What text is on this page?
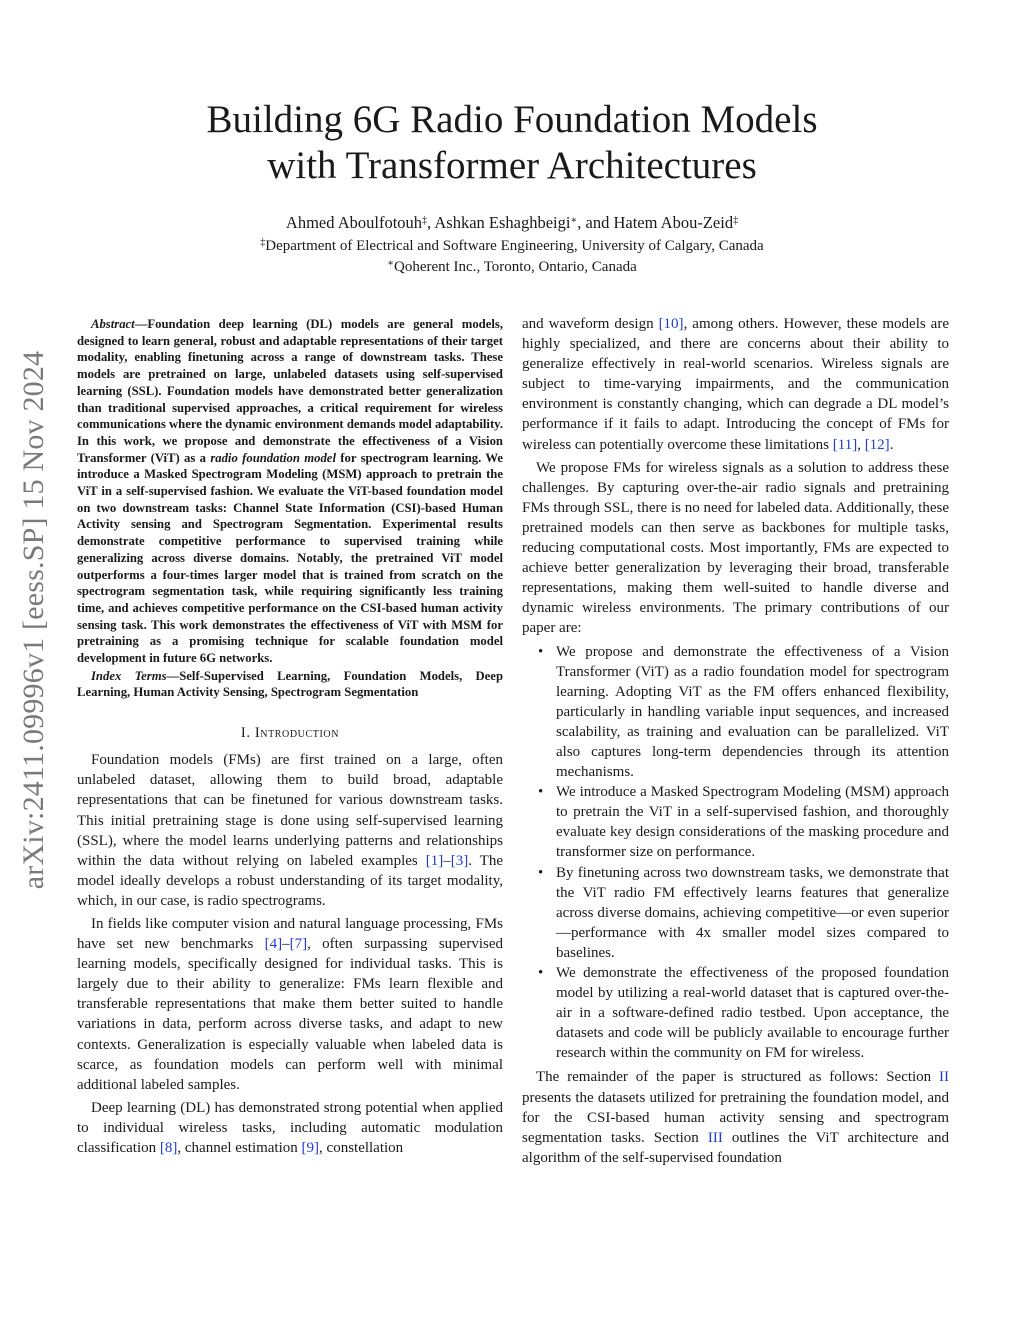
arXiv:2411.09996v1 [eess.SP] 15 Nov 2024
Building 6G Radio Foundation Models
with Transformer Architectures
Ahmed Aboulfotouh‡, Ashkan Eshaghbeigi∗, and Hatem Abou-Zeid‡
‡Department of Electrical and Software Engineering, University of Calgary, Canada
∗Qoherent Inc., Toronto, Ontario, Canada

Abstract—Foundation deep learning (DL) models are general models, designed to learn general, robust and adaptable representations of their target modality, enabling finetuning across a range of downstream tasks. These models are pretrained on large, unlabeled datasets using self-supervised learning (SSL). Foundation models have demonstrated better generalization than traditional supervised approaches, a critical requirement for wireless communications where the dynamic environment demands model adaptability. In this work, we propose and demonstrate the effectiveness of a Vision Transformer (ViT) as a radio foundation model for spectrogram learning. We introduce a Masked Spectrogram Modeling (MSM) approach to pretrain the ViT in a self-supervised fashion. We evaluate the ViT-based foundation model on two downstream tasks: Channel State Information (CSI)-based Human Activity sensing and Spectrogram Segmentation. Experimental results demonstrate competitive performance to supervised training while generalizing across diverse domains. Notably, the pretrained ViT model outperforms a four-times larger model that is trained from scratch on the spectrogram segmentation task, while requiring significantly less training time, and achieves competitive performance on the CSI-based human activity sensing task. This work demonstrates the effectiveness of ViT with MSM for pretraining as a promising technique for scalable foundation model development in future 6G networks.

Index Terms—Self-Supervised Learning, Foundation Models, Deep Learning, Human Activity Sensing, Spectrogram Segmentation

I. Introduction

Foundation models (FMs) are first trained on a large, often unlabeled dataset, allowing them to build broad, adaptable representations that can be finetuned for various downstream tasks. This initial pretraining stage is done using self-supervised learning (SSL), where the model learns underlying patterns and relationships within the data without relying on labeled examples [1]–[3]. The model ideally develops a robust understanding of its target modality, which, in our case, is radio spectrograms.

In fields like computer vision and natural language processing, FMs have set new benchmarks [4]–[7], often surpassing supervised learning models, specifically designed for individual tasks. This is largely due to their ability to generalize: FMs learn flexible and transferable representations that make them better suited to handle variations in data, perform across diverse tasks, and adapt to new contexts. Generalization is especially valuable when labeled data is scarce, as foundation models can perform well with minimal additional labeled samples.

Deep learning (DL) has demonstrated strong potential when applied to individual wireless tasks, including automatic modulation classification [8], channel estimation [9], constellation

and waveform design [10], among others. However, these models are highly specialized, and there are concerns about their ability to generalize effectively in real-world scenarios. Wireless signals are subject to time-varying impairments, and the communication environment is constantly changing, which can degrade a DL model’s performance if it fails to adapt. Introducing the concept of FMs for wireless can potentially overcome these limitations [11], [12].

We propose FMs for wireless signals as a solution to address these challenges. By capturing over-the-air radio signals and pretraining FMs through SSL, there is no need for labeled data. Additionally, these pretrained models can then serve as backbones for multiple tasks, reducing computational costs. Most importantly, FMs are expected to achieve better generalization by leveraging their broad, transferable representations, making them well-suited to handle diverse and dynamic wireless environments. The primary contributions of our paper are:

• We propose and demonstrate the effectiveness of a Vision Transformer (ViT) as a radio foundation model for spectrogram learning. Adopting ViT as the FM offers enhanced flexibility, particularly in handling variable input sequences, and increased scalability, as training and evaluation can be parallelized. ViT also captures long-term dependencies through its attention mechanisms.
• We introduce a Masked Spectrogram Modeling (MSM) approach to pretrain the ViT in a self-supervised fashion, and thoroughly evaluate key design considerations of the masking procedure and transformer size on performance.
• By finetuning across two downstream tasks, we demonstrate that the ViT radio FM effectively learns features that generalize across diverse domains, achieving competitive—or even superior—performance with 4x smaller model sizes compared to baselines.
• We demonstrate the effectiveness of the proposed foundation model by utilizing a real-world dataset that is captured over-the-air in a software-defined radio testbed. Upon acceptance, the datasets and code will be publicly available to encourage further research within the community on FM for wireless.

The remainder of the paper is structured as follows: Section II presents the datasets utilized for pretraining the foundation model, and for the CSI-based human activity sensing and spectrogram segmentation tasks. Section III outlines the ViT architecture and algorithm of the self-supervised foundation
